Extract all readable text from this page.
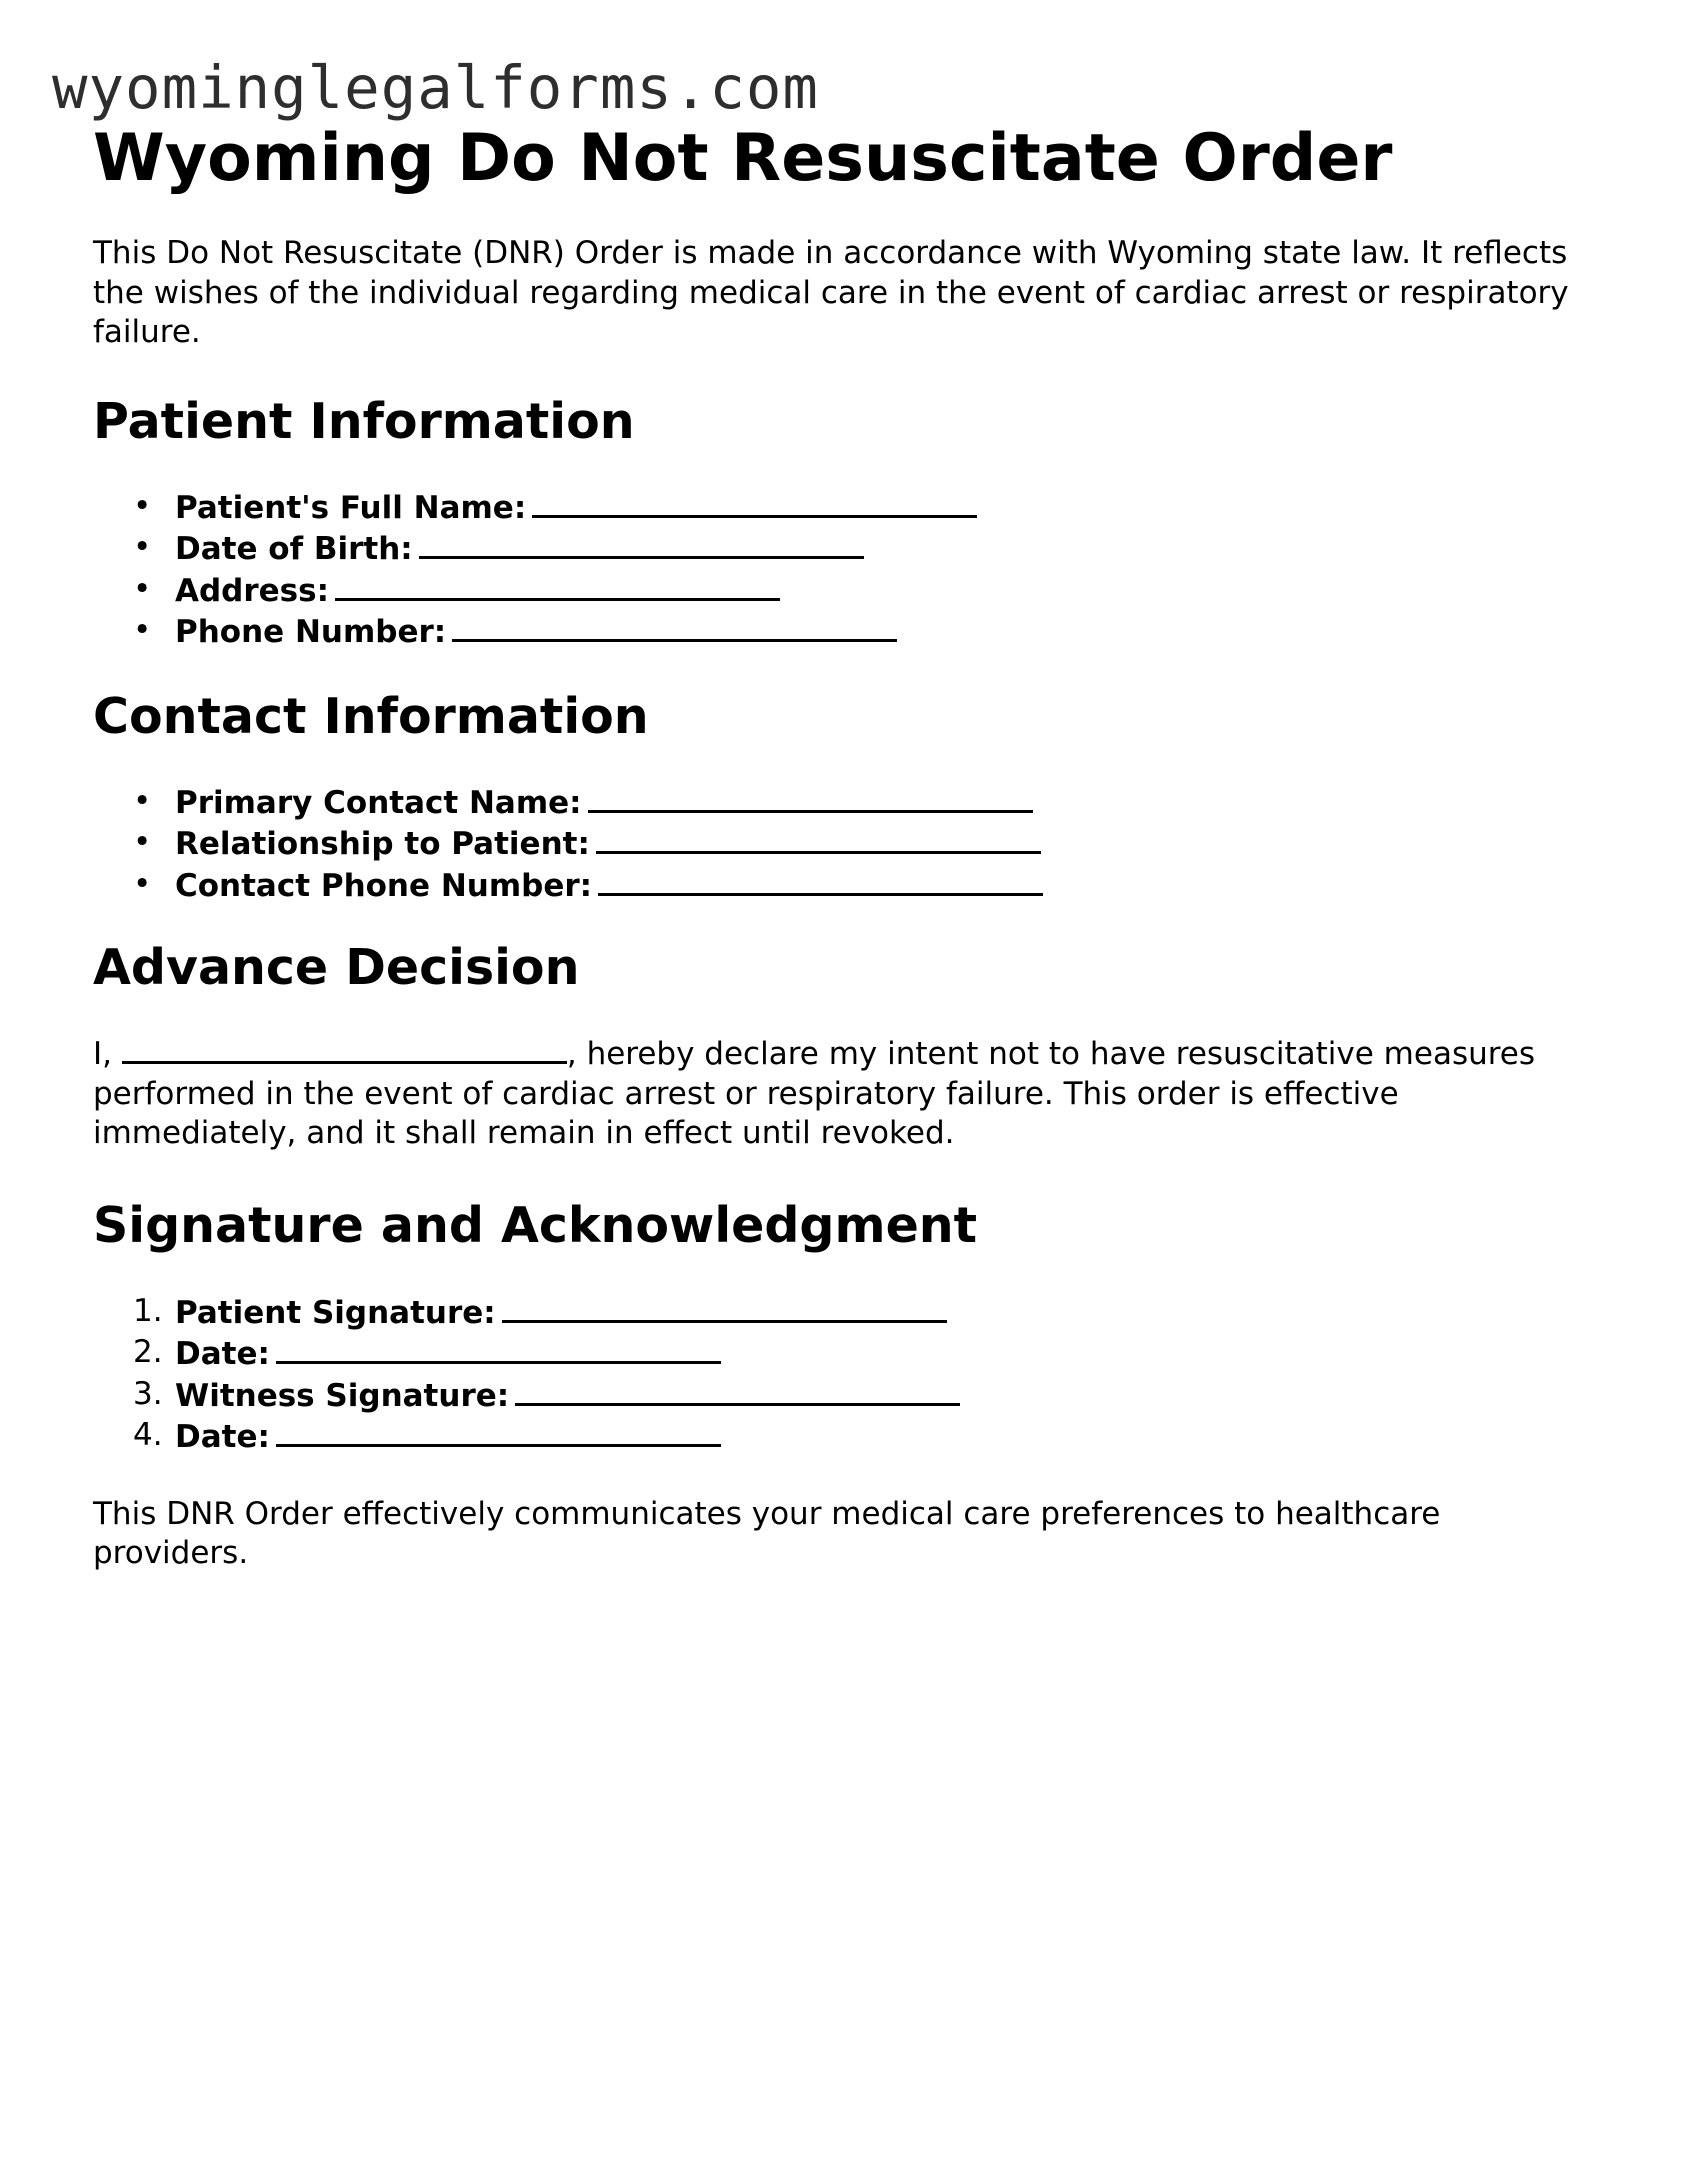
wyominglegalforms.com
Wyoming Do Not Resuscitate Order

This Do Not Resuscitate (DNR) Order is made in accordance with Wyoming state law. It reflects the wishes of the individual regarding medical care in the event of cardiac arrest or respiratory failure.

Patient Information
• Patient's Full Name:
• Date of Birth:
• Address:
• Phone Number:
Contact Information
• Primary Contact Name:
• Relationship to Patient:
• Contact Phone Number:
Advance Decision

I,	, hereby declare my intent not to have resuscitative measures performed in the event of cardiac arrest or respiratory failure. This order is effective immediately, and it shall remain in effect until revoked.

Signature and Acknowledgment
1. Patient Signature:
2. Date:
3. Witness Signature:
4. Date:

This DNR Order effectively communicates your medical care preferences to healthcare providers.
